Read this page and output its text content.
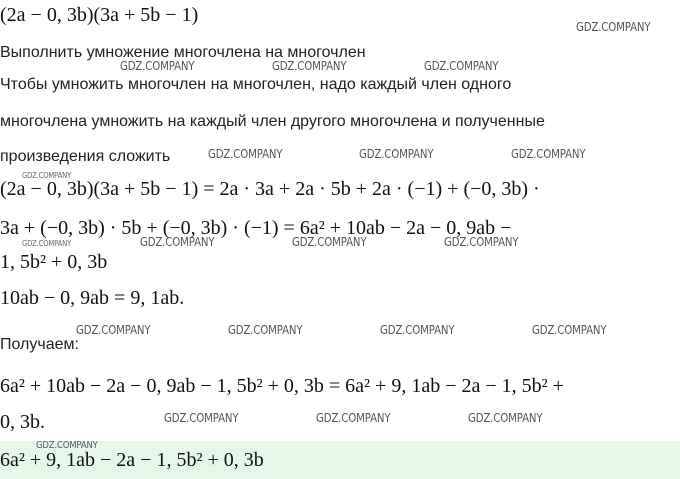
(2a − 0, 3b)(3a + 5b − 1)
Выполнить умножение многочлена на многочлен
Чтобы умножить многочлен на многочлен, надо каждый член одного
многочлена умножить на каждый член другого многочлена и полученные
произведения сложить
(2a − 0, 3b)(3a + 5b − 1) = 2a · 3a + 2a · 5b + 2a · (−1) + (−0, 3b) ·
3a + (−0, 3b) · 5b + (−0, 3b) · (−1) = 6a² + 10ab − 2a − 0, 9ab −
1, 5b² + 0, 3b
10ab − 0, 9ab = 9, 1ab.
Получаем:
6a² + 10ab − 2a − 0, 9ab − 1, 5b² + 0, 3b = 6a² + 9, 1ab − 2a − 1, 5b² +
0, 3b.
6a² + 9, 1ab − 2a − 1, 5b² + 0, 3b
GDZ.COMPANY
GDZ.COMPANY	GDZ.COMPANY	GDZ.COMPANY
GDZ.COMPANY	GDZ.COMPANY	GDZ.COMPANY
GDZ.COMPANY
GDZ.COMPANY	GDZ.COMPANY	GDZ.COMPANY	GDZ.COMPANY
GDZ.COMPANY	GDZ.COMPANY	GDZ.COMPANY	GDZ.COMPANY
GDZ.COMPANY	GDZ.COMPANY	GDZ.COMPANY
GDZ.COMPANY
